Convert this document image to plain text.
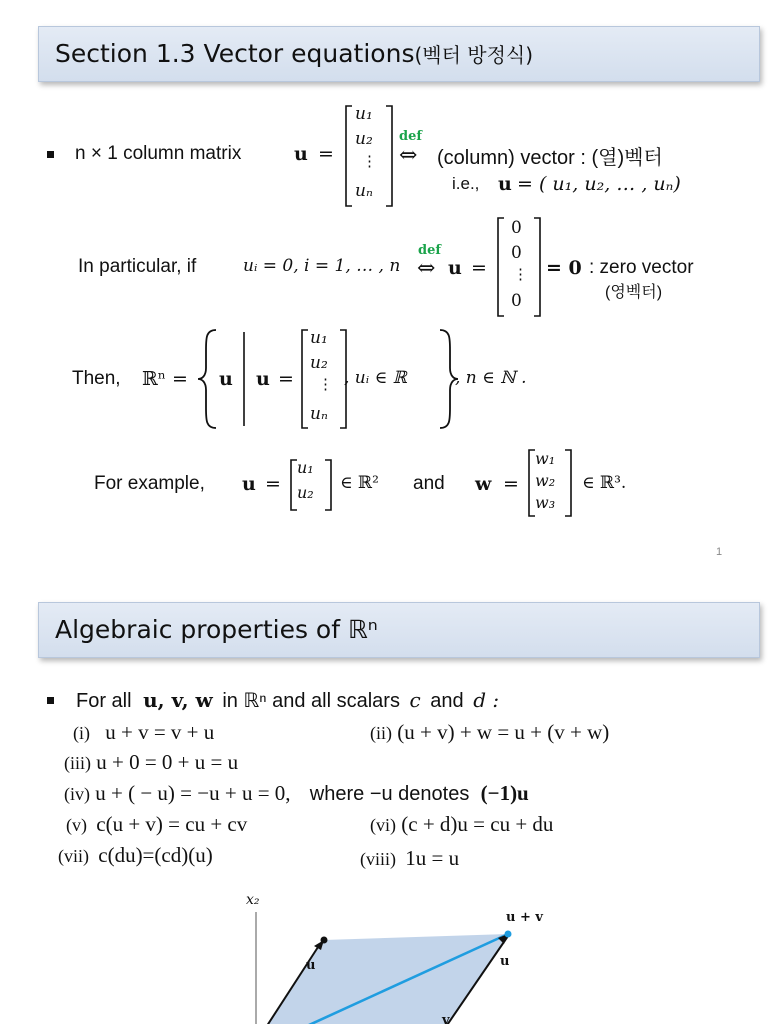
Section 1.3 Vector equations(벡터 방정식)
n × 1 column matrix	u =
u₁
u₂
⋮
uₙ
def
⇔ (column) vector : (열)벡터
i.e., u = ( u₁, u₂, … , uₙ)
In particular, if	uᵢ = 0, i = 1, … , n
def
⇔ u =
0
0
⋮
0
= 𝟎 : zero vector
(영벡터)
Then, ℝⁿ = u u =
u₁
u₂
⋮
uₙ
, uᵢ ∈ ℝ	, n ∈ ℕ .
For example, u =
u₁
u₂ ∈ ℝ² and w =
w₁
w₂
w₃
∈ ℝ³.
1
Algebraic properties of ℝⁿ
For all u, v, w in ℝⁿ and all scalars c and d :
(i) u + v = v + u	(ii) (u + v) + w = u + (v + w)
(iii) u + 0 = 0 + u = u
(iv) u + ( − u) = −u + u = 0, where −u denotes (−1)u
(v) c(u + v) = cu + cv	(vi) (c + d)u = cu + du
(vii) c(du)=(cd)(u)	(viii) 1u = u
x₂
u + v
u	u
v
